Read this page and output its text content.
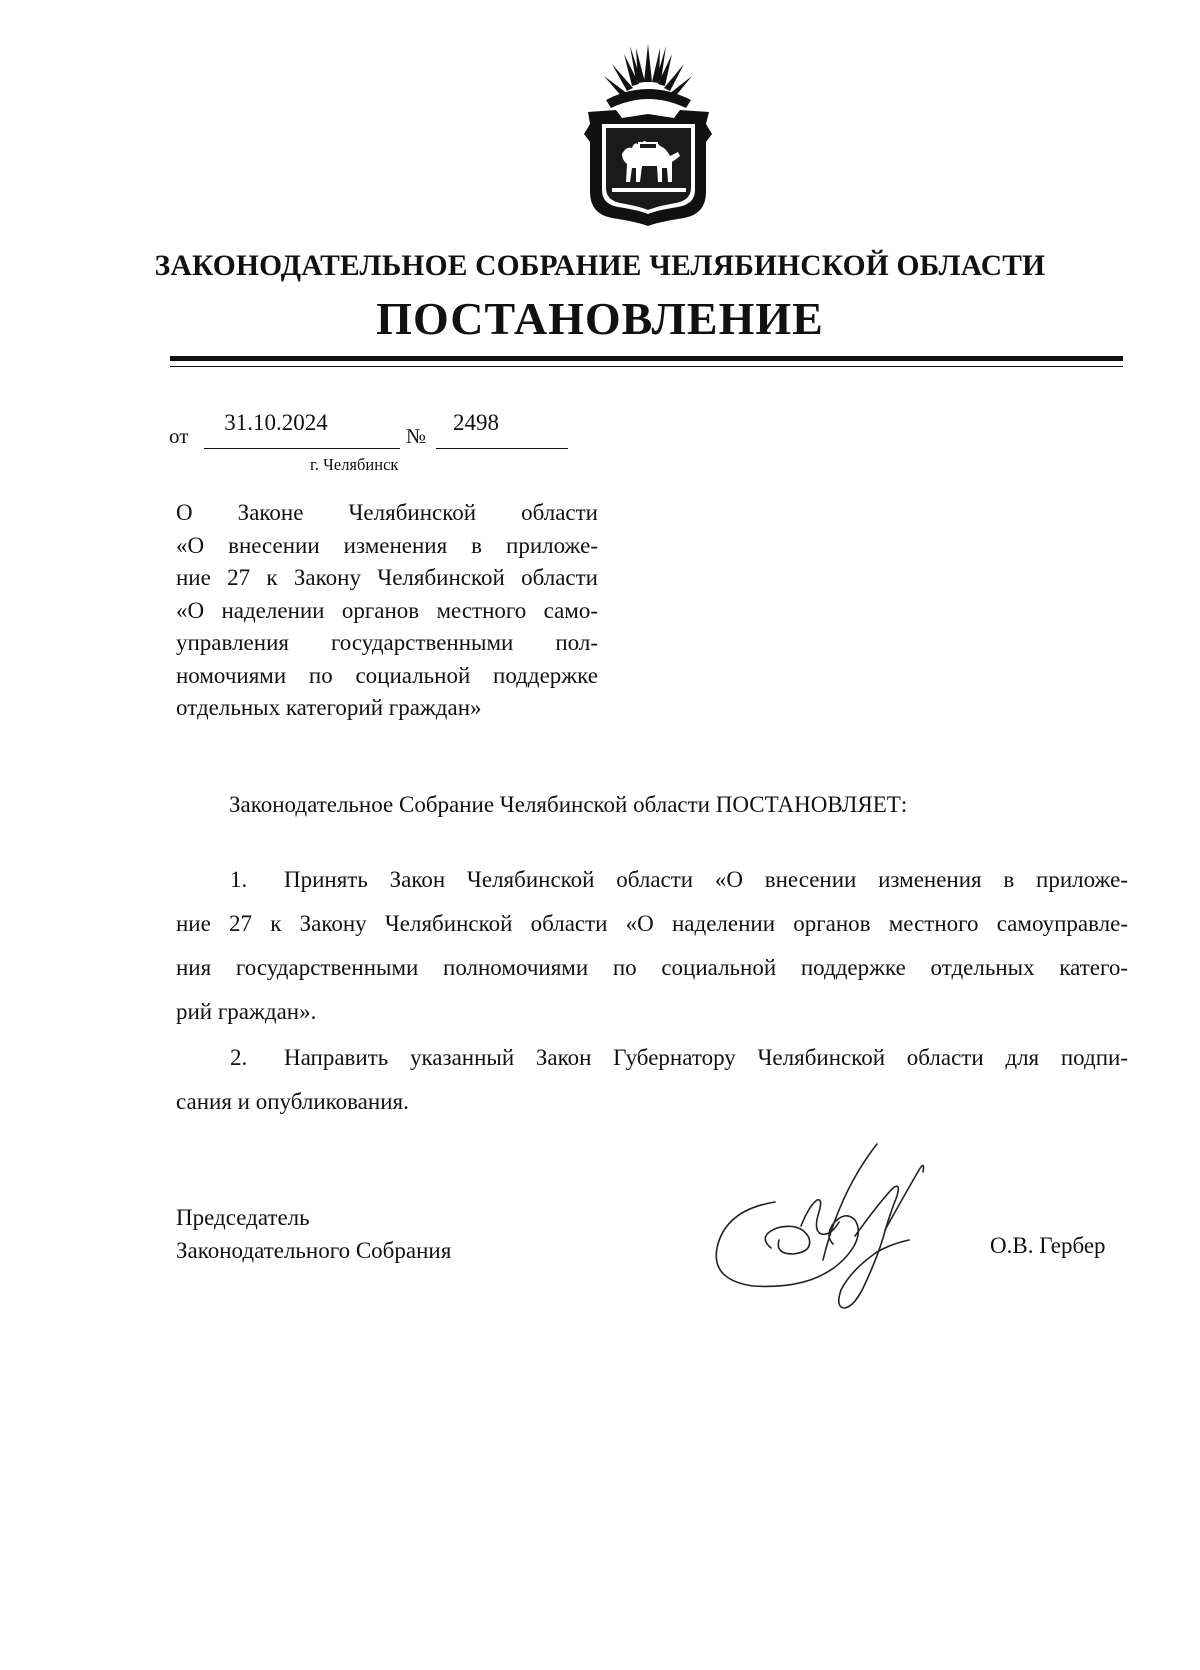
ЗАКОНОДАТЕЛЬНОЕ СОБРАНИЕ ЧЕЛЯБИНСКОЙ ОБЛАСТИ
ПОСТАНОВЛЕНИЕ
от
31.10.2024
№
2498
г. Челябинск

О Законе Челябинской области
«О внесении изменения в приложе-
ние 27 к Закону Челябинской области
«О наделении органов местного само-
управления государственными пол-
номочиями по социальной поддержке
отдельных категорий граждан»

Законодательное Собрание Челябинской области ПОСТАНОВЛЯЕТ:

1. Принять Закон Челябинской области «О внесении изменения в приложе-
ние 27 к Закону Челябинской области «О наделении органов местного самоуправле-
ния государственными полномочиями по социальной поддержке отдельных катего-
рий граждан».

2. Направить указанный Закон Губернатору Челябинской области для подпи-
сания и опубликования.

Председатель
Законодательного Собрания	О.В. Гербер
